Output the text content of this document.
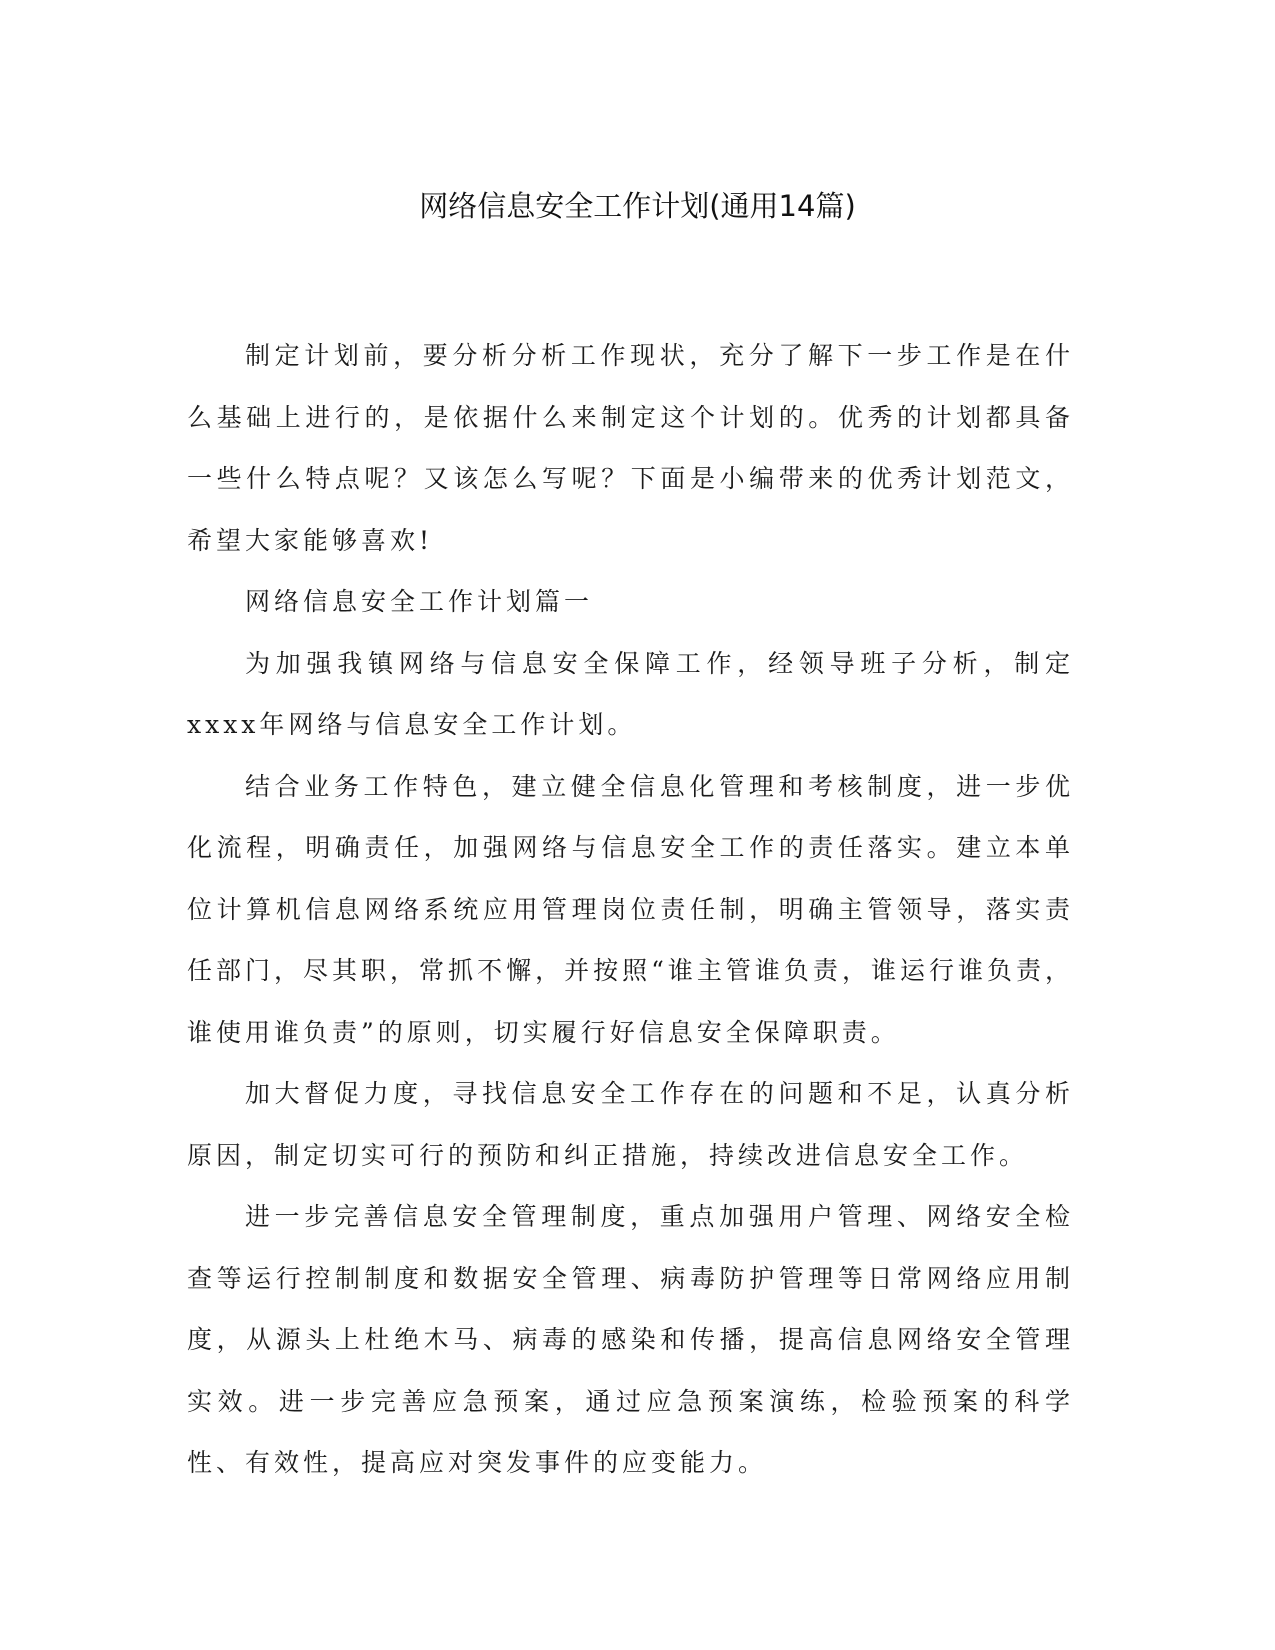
网络信息安全工作计划(通用14篇)

制定计划前，要分析分析工作现状，充分了解下一步工作是在什么基础上进行的，是依据什么来制定这个计划的。优秀的计划都具备一些什么特点呢？又该怎么写呢？下面是小编带来的优秀计划范文，希望大家能够喜欢!

网络信息安全工作计划篇一

为加强我镇网络与信息安全保障工作，经领导班子分析，制定xxxx年网络与信息安全工作计划。

结合业务工作特色，建立健全信息化管理和考核制度，进一步优化流程，明确责任，加强网络与信息安全工作的责任落实。建立本单位计算机信息网络系统应用管理岗位责任制，明确主管领导，落实责任部门，尽其职，常抓不懈，并按照“谁主管谁负责，谁运行谁负责，谁使用谁负责”的原则，切实履行好信息安全保障职责。

加大督促力度，寻找信息安全工作存在的问题和不足，认真分析原因，制定切实可行的预防和纠正措施，持续改进信息安全工作。

进一步完善信息安全管理制度，重点加强用户管理、网络安全检查等运行控制制度和数据安全管理、病毒防护管理等日常网络应用制度，从源头上杜绝木马、病毒的感染和传播，提高信息网络安全管理实效。进一步完善应急预案，通过应急预案演练，检验预案的科学性、有效性，提高应对突发事件的应变能力。
